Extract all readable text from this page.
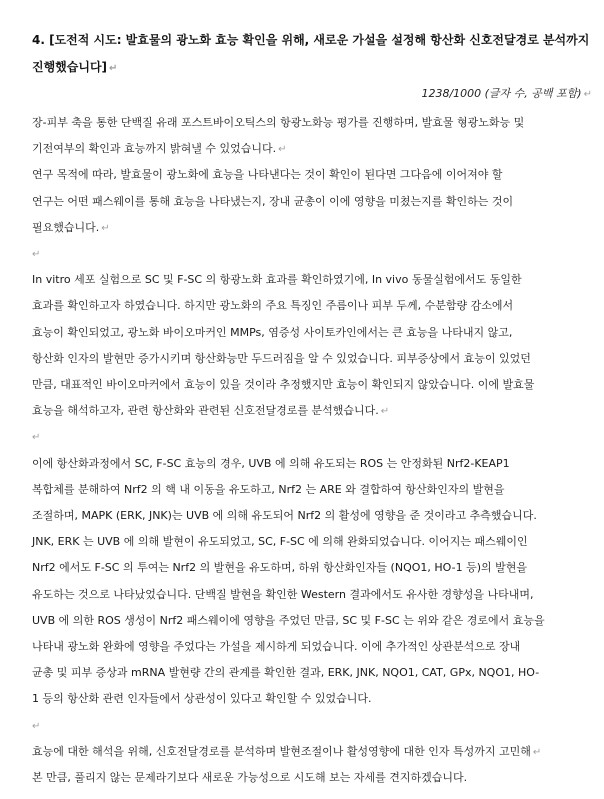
4. [도전적 시도: 발효물의 광노화 효능 확인을 위해, 새로운 가설을 설정해 항산화 신호전달경로 분석까지
진행했습니다] ↵
1238/1000 (글자 수, 공백 포함) ↵
장-피부 축을 통한 단백질 유래 포스트바이오틱스의 항광노화능 평가를 진행하며, 발효물 형광노화능 및
기전여부의 확인과 효능까지 밝혀낼 수 있었습니다. ↵
연구 목적에 따라, 발효물이 광노화에 효능을 나타낸다는 것이 확인이 된다면 그다음에 이어져야 할
연구는 어떤 패스웨이를 통해 효능을 나타냈는지, 장내 균총이 이에 영향을 미쳤는지를 확인하는 것이
필요했습니다. ↵
↵
In vitro 세포 실험으로 SC 및 F-SC 의 항광노화 효과를 확인하였기에, In vivo 동물실험에서도 동일한
효과를 확인하고자 하였습니다. 하지만 광노화의 주요 특징인 주름이나 피부 두께, 수분함량 감소에서
효능이 확인되었고, 광노화 바이오마커인 MMPs, 염증성 사이토카인에서는 큰 효능을 나타내지 않고,
항산화 인자의 발현만 증가시키며 항산화능만 두드러짐을 알 수 있었습니다. 피부증상에서 효능이 있었던
만큼, 대표적인 바이오마커에서 효능이 있을 것이라 추정했지만 효능이 확인되지 않았습니다. 이에 발효물
효능을 해석하고자, 관련 항산화와 관련된 신호전달경로를 분석했습니다. ↵
↵
이에 항산화과정에서 SC, F-SC 효능의 경우, UVB 에 의해 유도되는 ROS 는 안정화된 Nrf2-KEAP1
복합체를 분해하여 Nrf2 의 핵 내 이동을 유도하고, Nrf2 는 ARE 와 결합하여 항산화인자의 발현을
조절하며, MAPK (ERK, JNK)는 UVB 에 의해 유도되어 Nrf2 의 활성에 영향을 준 것이라고 추측했습니다.
JNK, ERK 는 UVB 에 의해 발현이 유도되었고, SC, F-SC 에 의해 완화되었습니다. 이어지는 패스웨이인
Nrf2 에서도 F-SC 의 투여는 Nrf2 의 발현을 유도하며, 하위 항산화인자들 (NQO1, HO-1 등)의 발현을
유도하는 것으로 나타났었습니다. 단백질 발현을 확인한 Western 결과에서도 유사한 경향성을 나타내며,
UVB 에 의한 ROS 생성이 Nrf2 패스웨이에 영향을 주었던 만큼, SC 및 F-SC 는 위와 같은 경로에서 효능을
나타내 광노화 완화에 영향을 주었다는 가설을 제시하게 되었습니다. 이에 추가적인 상관분석으로 장내
균총 및 피부 증상과 mRNA 발현량 간의 관계를 확인한 결과, ERK, JNK, NQO1, CAT, GPx, NQO1, HO-
1 등의 항산화 관련 인자들에서 상관성이 있다고 확인할 수 있었습니다.
↵
효능에 대한 해석을 위해, 신호전달경로를 분석하며 발현조절이나 활성영향에 대한 인자 특성까지 고민해 ↵
본 만큼, 풀리지 않는 문제라기보다 새로운 가능성으로 시도해 보는 자세를 견지하겠습니다.
